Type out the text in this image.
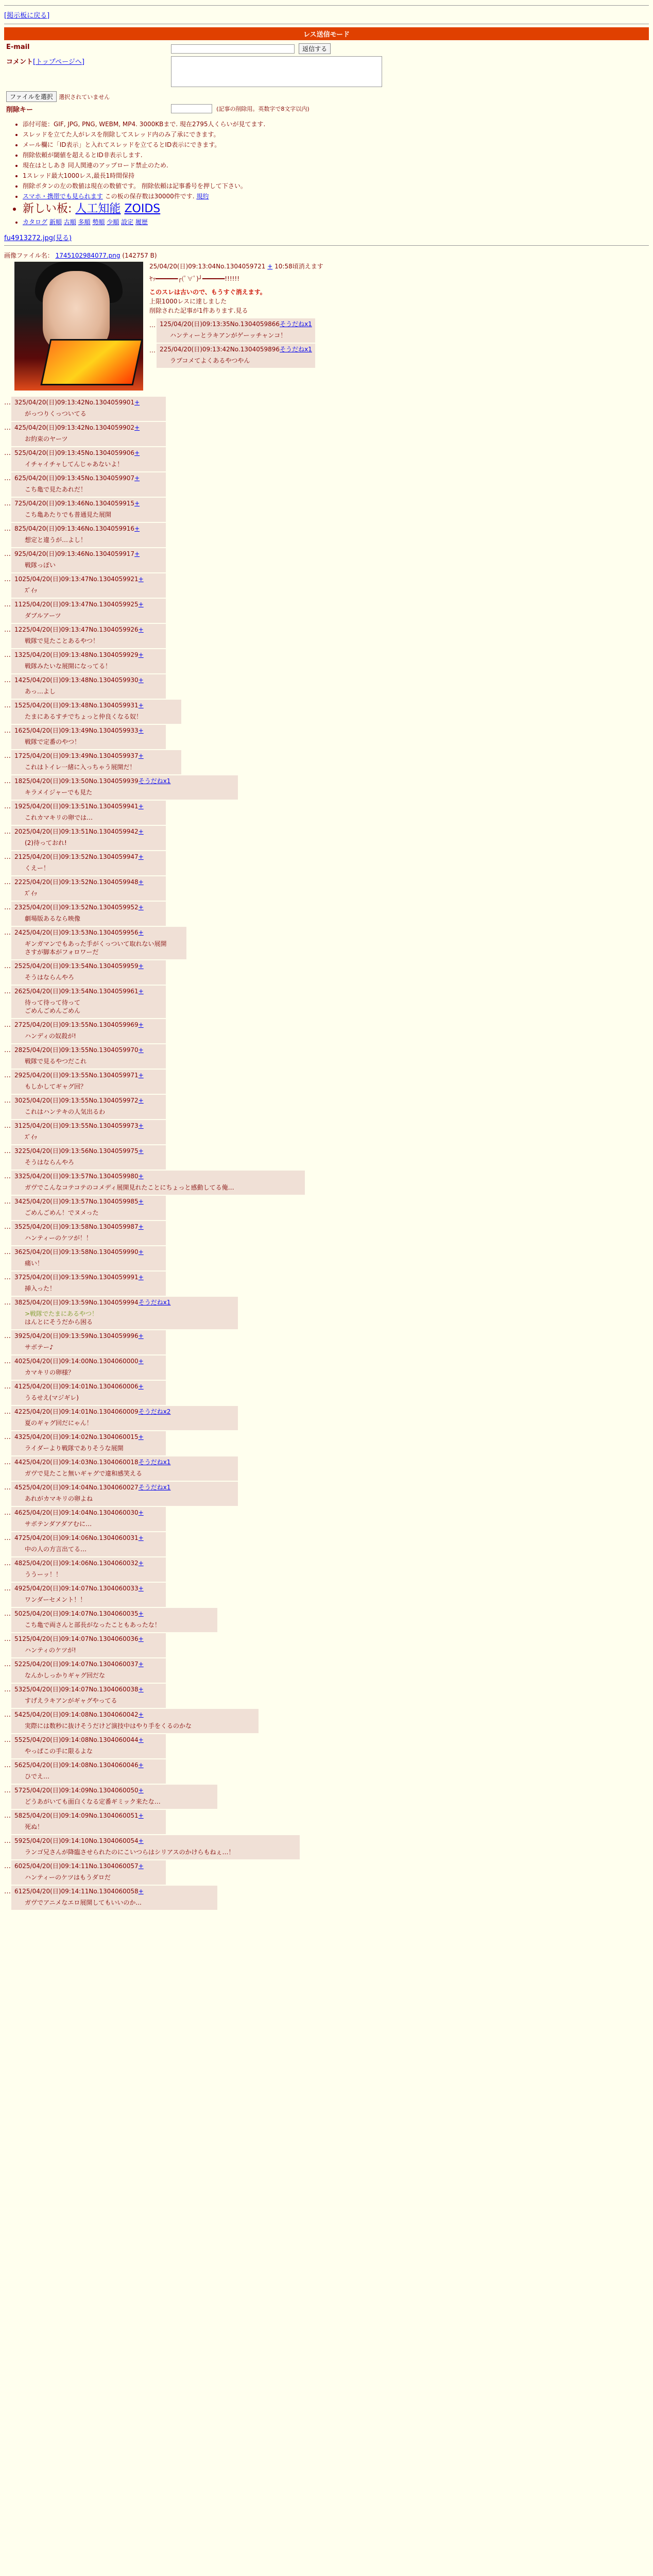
[掲示板に戻る]
レス送信モード
E-mail	返信する
コメント[トップページへ]	
ファイルを選択 選択されていません	
削除キー	(記事の削除用。英数字で8文字以内)
• 添付可能：GIF, JPG, PNG, WEBM, MP4. 3000KBまで. 現在2795人くらいが見てます.
• スレッドを立てた人がレスを削除してスレッド内のみ了承にできます。
• メール欄に「ID表示」と入れてスレッドを立てるとID表示にできます。
• 削除依頼が閾値を超えるとID非表示します.
• 現在はとしあき 同人関連のアップロード禁止のため.
• 1スレッド最大1000レス,最長1時間保持
• 削除ボタンの左の数値は現在の数値です。 削除依頼は記事番号を押して下さい。
• スマホ・携帯でも見られます この板の保存数は30000件です. 規約
• 新しい板: 人工知能 ZOIDS
• カタログ 新順 古順 多順 勢順 少順 設定 履歴
fu4913272.jpg(見る)
画像ファイル名： 1745102984077.png (142757 B)
25/04/20(日)09:13:04No.1304059721 + 10:58頃消えます

ﾔｯ━━━━━━┌(ﾟ∀ﾟ)┘━━━━━━!!!!!!

このスレは古いので、もうすぐ消えます。

上限1000レスに達しました

削除された記事が1件あります.見る

… 125/04/20(日)09:13:35No.1304059866そうだねx1
ハンティーとラキアンがゲーッチャンコ！
… 225/04/20(日)09:13:42No.1304059896そうだねx1
ラプコメてよくあるやつやん
… 325/04/20(日)09:13:42No.1304059901+
がっつりくっついてる
… 425/04/20(日)09:13:42No.1304059902+
お約束のヤーツ
… 525/04/20(日)09:13:45No.1304059906+
イチャイチャしてんじゃあないよ！
… 625/04/20(日)09:13:45No.1304059907+
こち亀で見たあれだ！
… 725/04/20(日)09:13:46No.1304059915+
こち亀あたりでも普通見た展開
… 825/04/20(日)09:13:46No.1304059916+
想定と違うが…よし！
… 925/04/20(日)09:13:46No.1304059917+
戦隊っぽい
… 1025/04/20(日)09:13:47No.1304059921+
ｽﾞｲｯ
… 1125/04/20(日)09:13:47No.1304059925+
ダブルアーツ
… 1225/04/20(日)09:13:47No.1304059926+
戦隊で見たことあるやつ！
… 1325/04/20(日)09:13:48No.1304059929+
戦隊みたいな展開になってる！
… 1425/04/20(日)09:13:48No.1304059930+
あっ…よし
… 1525/04/20(日)09:13:48No.1304059931+
たまにあるすチでちょっと仲良くなる奴！
… 1625/04/20(日)09:13:49No.1304059933+
戦隊で定番のやつ！
… 1725/04/20(日)09:13:49No.1304059937+
これはトイレ一緒に入っちゃう展開だ！
… 1825/04/20(日)09:13:50No.1304059939そうだねx1
キラメイジャーでも見た
… 1925/04/20(日)09:13:51No.1304059941+
これカマキリの卵では…
… 2025/04/20(日)09:13:51No.1304059942+
(2)待っておれ!
… 2125/04/20(日)09:13:52No.1304059947+
くえー！
… 2225/04/20(日)09:13:52No.1304059948+
ｽﾞｲｯ
… 2325/04/20(日)09:13:52No.1304059952+
劇場版あるなら映像
… 2425/04/20(日)09:13:53No.1304059956+
ギンガマンでもあった手がくっついて取れない展開
さすが脚本がフォロワーだ
… 2525/04/20(日)09:13:54No.1304059959+
そうはならんやろ
… 2625/04/20(日)09:13:54No.1304059961+
待って待って待って
ごめんごめんごめん
… 2725/04/20(日)09:13:55No.1304059969+
ハンディの奴殺が!
… 2825/04/20(日)09:13:55No.1304059970+
戦隊で見るやつだこれ
… 2925/04/20(日)09:13:55No.1304059971+
もしかしてギャグ回？
… 3025/04/20(日)09:13:55No.1304059972+
これはハンテキの人気出るわ
… 3125/04/20(日)09:13:55No.1304059973+
ｽﾞｲｯ
… 3225/04/20(日)09:13:56No.1304059975+
そうはならんやろ
… 3325/04/20(日)09:13:57No.1304059980+
ガヴでこんなコテコテのコメディ展開見れたことにちょっと感動してる俺…
… 3425/04/20(日)09:13:57No.1304059985+
ごめんごめん！でヌメった
… 3525/04/20(日)09:13:58No.1304059987+
ハンティーのケツが！！
… 3625/04/20(日)09:13:58No.1304059990+
痛い！
… 3725/04/20(日)09:13:59No.1304059991+
挿入った！
… 3825/04/20(日)09:13:59No.1304059994そうだねx1
>戦隊でたまにあるやつ！
はんとにそうだから困る
… 3925/04/20(日)09:13:59No.1304059996+
サボテー♪
… 4025/04/20(日)09:14:00No.1304060000+
カマキリの卵様？
… 4125/04/20(日)09:14:01No.1304060006+
うるせえ(マジギレ)
… 4225/04/20(日)09:14:01No.1304060009そうだねx2
夏のギャグ回だにゃん！
… 4325/04/20(日)09:14:02No.1304060015+
ライダーより戦隊でありそうな展開
… 4425/04/20(日)09:14:03No.1304060018そうだねx1
ガヴで見たこと無いギャグで違和感笑える
… 4525/04/20(日)09:14:04No.1304060027そうだねx1
あれがカマキリの卵よね
… 4625/04/20(日)09:14:04No.1304060030+
サボテンダアダアむに…
… 4725/04/20(日)09:14:06No.1304060031+
中の人の方言出てる…
… 4825/04/20(日)09:14:06No.1304060032+
ううーッ！！
… 4925/04/20(日)09:14:07No.1304060033+
ワンダーセメント！！
… 5025/04/20(日)09:14:07No.1304060035+
こち亀で両さんと部長がなったこともあったな！
… 5125/04/20(日)09:14:07No.1304060036+
ハンティのケツが!
… 5225/04/20(日)09:14:07No.1304060037+
なんかしっかりギャグ回だな
… 5325/04/20(日)09:14:07No.1304060038+
すげえラキアンがギャグやってる
… 5425/04/20(日)09:14:08No.1304060042+
実際には数秒に抜けそうだけど演技中はやり手をくるのかな
… 5525/04/20(日)09:14:08No.1304060044+
やっぱこの手に限るよな
… 5625/04/20(日)09:14:08No.1304060046+
ひでえ…
… 5725/04/20(日)09:14:09No.1304060050+
どうあがいても面白くなる定番ギミック来たな…
… 5825/04/20(日)09:14:09No.1304060051+
死ぬ！
… 5925/04/20(日)09:14:10No.1304060054+
ランゴ兄さんが降臨させられたのにこいつらはシリアスのかけらもねぇ…！
… 6025/04/20(日)09:14:11No.1304060057+
ハンティーのケツはもうダロだ
… 6125/04/20(日)09:14:11No.1304060058+
ガヴでアニメなエロ展開してもいいのか...
